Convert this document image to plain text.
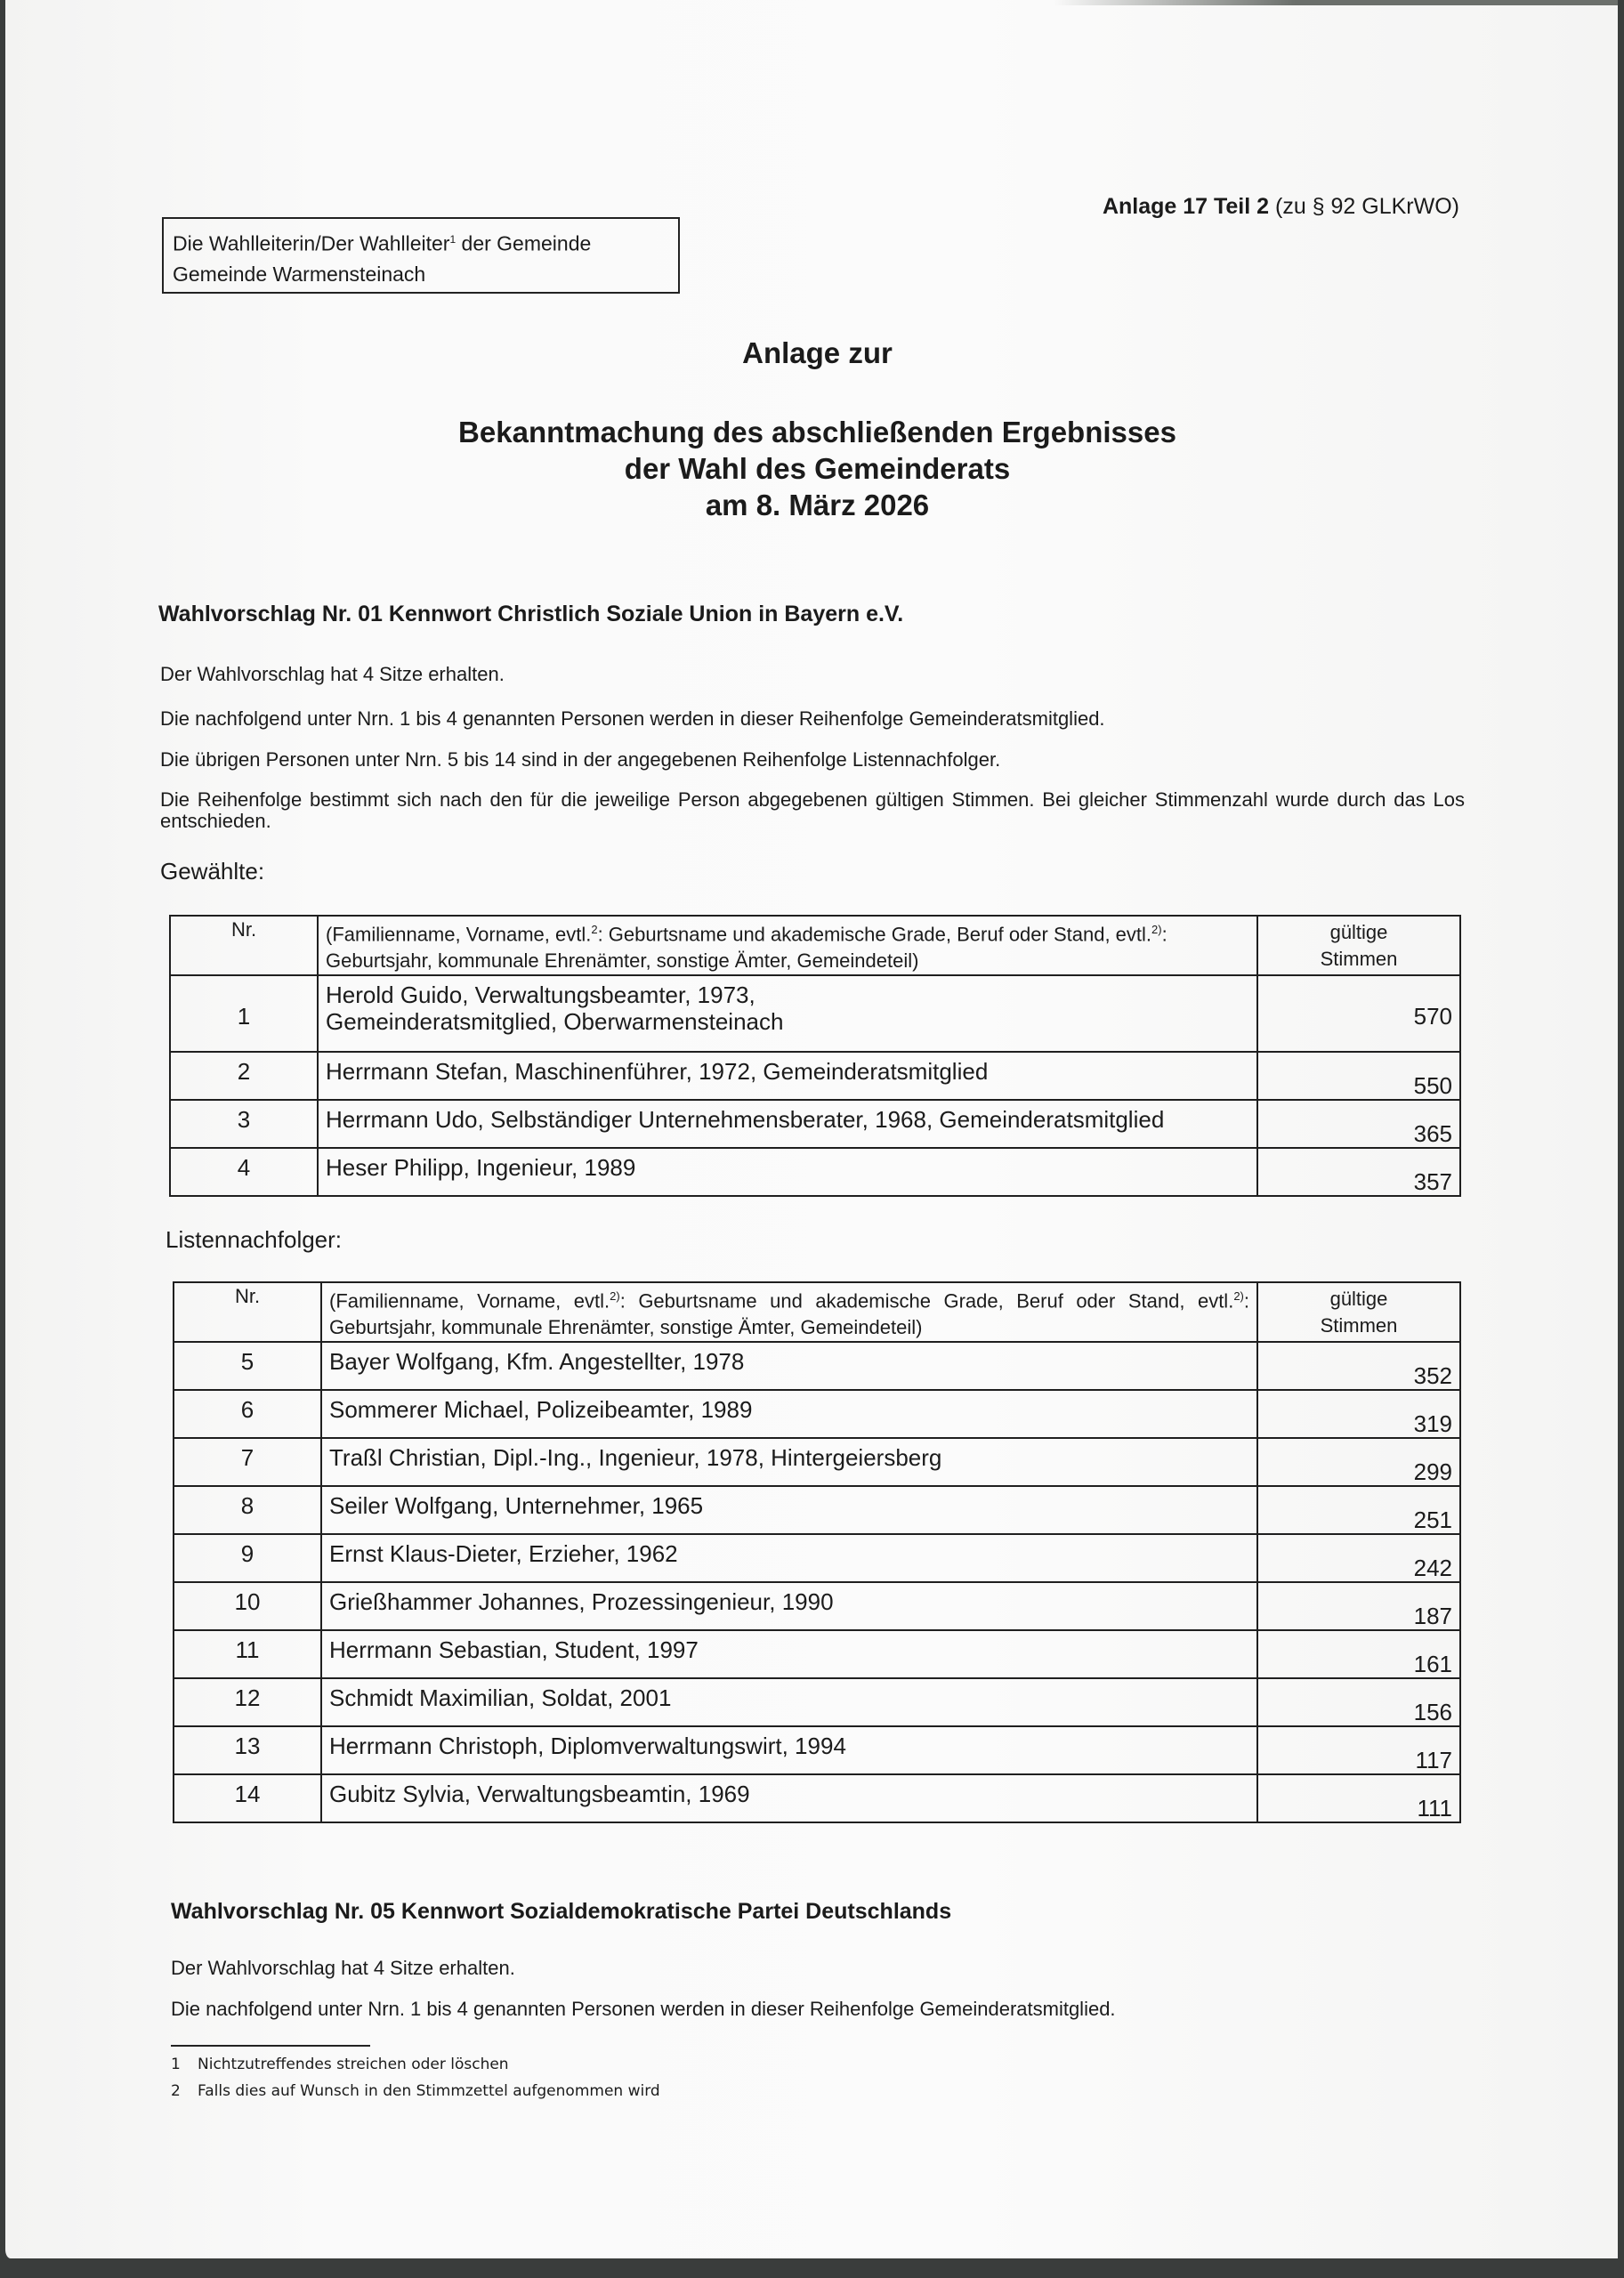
Die Wahlleiterin/Der Wahlleiter$^1$ der Gemeinde
Gemeinde Warmensteinach
Anlage 17 Teil 2 (zu § 92 GLKrWO)
Anlage zur
Bekanntmachung des abschließenden Ergebnisses
der Wahl des Gemeinderats
am 8. März 2026
Wahlvorschlag Nr. 01 Kennwort Christlich Soziale Union in Bayern e.V.
Der Wahlvorschlag hat 4 Sitze erhalten.
Die nachfolgend unter Nrn. 1 bis 4 genannten Personen werden in dieser Reihenfolge Gemeinderatsmitglied.
Die übrigen Personen unter Nrn. 5 bis 14 sind in der angegebenen Reihenfolge Listennachfolger.
Die Reihenfolge bestimmt sich nach den für die jeweilige Person abgegebenen gültigen Stimmen. Bei gleicher Stimmenzahl wurde durch das Los entschieden.
Gewählte:
Nr.	(Familienname, Vorname, evtl.$^2$: Geburtsname und akademische Grade, Beruf oder Stand, evtl.$^{2)}$: Geburtsjahr, kommunale Ehrenämter, sonstige Ämter, Gemeindeteil)	gültige
Stimmen

1	Herold Guido, Verwaltungsbeamter, 1973, Gemeinderatsmitglied, Oberwarmensteinach	570
2	Herrmann Stefan, Maschinenführer, 1972, Gemeinderatsmitglied	550
3	Herrmann Udo, Selbständiger Unternehmensberater, 1968, Gemeinderatsmitglied	365
4	Heser Philipp, Ingenieur, 1989	357
Listennachfolger:
Nr.	(Familienname, Vorname, evtl.$^{2)}$: Geburtsname und akademische Grade, Beruf oder Stand, evtl.$^{2)}$: Geburtsjahr, kommunale Ehrenämter, sonstige Ämter, Gemeindeteil)	gültige
Stimmen

5	Bayer Wolfgang, Kfm. Angestellter, 1978	352
6	Sommerer Michael, Polizeibeamter, 1989	319
7	Traßl Christian, Dipl.-Ing., Ingenieur, 1978, Hintergeiersberg	299
8	Seiler Wolfgang, Unternehmer, 1965	251
9	Ernst Klaus-Dieter, Erzieher, 1962	242
10	Grießhammer Johannes, Prozessingenieur, 1990	187
11	Herrmann Sebastian, Student, 1997	161
12	Schmidt Maximilian, Soldat, 2001	156
13	Herrmann Christoph, Diplomverwaltungswirt, 1994	117
14	Gubitz Sylvia, Verwaltungsbeamtin, 1969	111
Wahlvorschlag Nr. 05 Kennwort Sozialdemokratische Partei Deutschlands
Der Wahlvorschlag hat 4 Sitze erhalten.
Die nachfolgend unter Nrn. 1 bis 4 genannten Personen werden in dieser Reihenfolge Gemeinderatsmitglied.
1 Nichtzutreffendes streichen oder löschen
2 Falls dies auf Wunsch in den Stimmzettel aufgenommen wird
